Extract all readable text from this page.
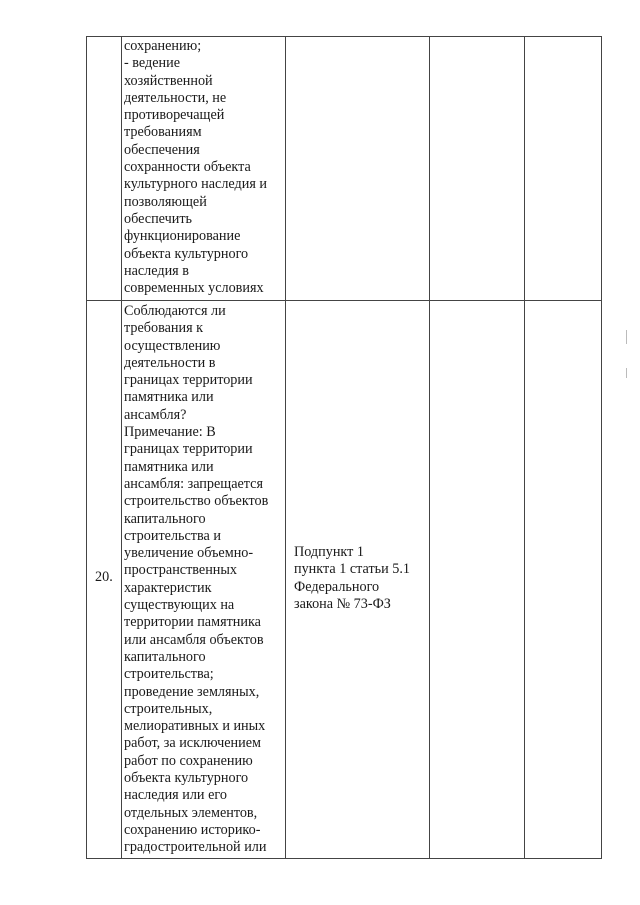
сохранению;
- ведение
хозяйственной
деятельности, не
противоречащей
требованиям
обеспечения
сохранности объекта
культурного наследия и
позволяющей
обеспечить
функционирование
объекта культурного
наследия в
современных условиях
20.
Соблюдаются ли
требования к
осуществлению
деятельности в
границах территории
памятника или
ансамбля?
Примечание: В
границах территории
памятника или
ансамбля: запрещается
строительство объектов
капитального
строительства и
увеличение объемно-
пространственных
характеристик
существующих на
территории памятника
или ансамбля объектов
капитального
строительства;
проведение земляных,
строительных,
мелиоративных и иных
работ, за исключением
работ по сохранению
объекта культурного
наследия или его
отдельных элементов,
сохранению историко-
градостроительной или
Подпункт 1
пункта 1 статьи 5.1
Федерального
закона № 73-ФЗ
